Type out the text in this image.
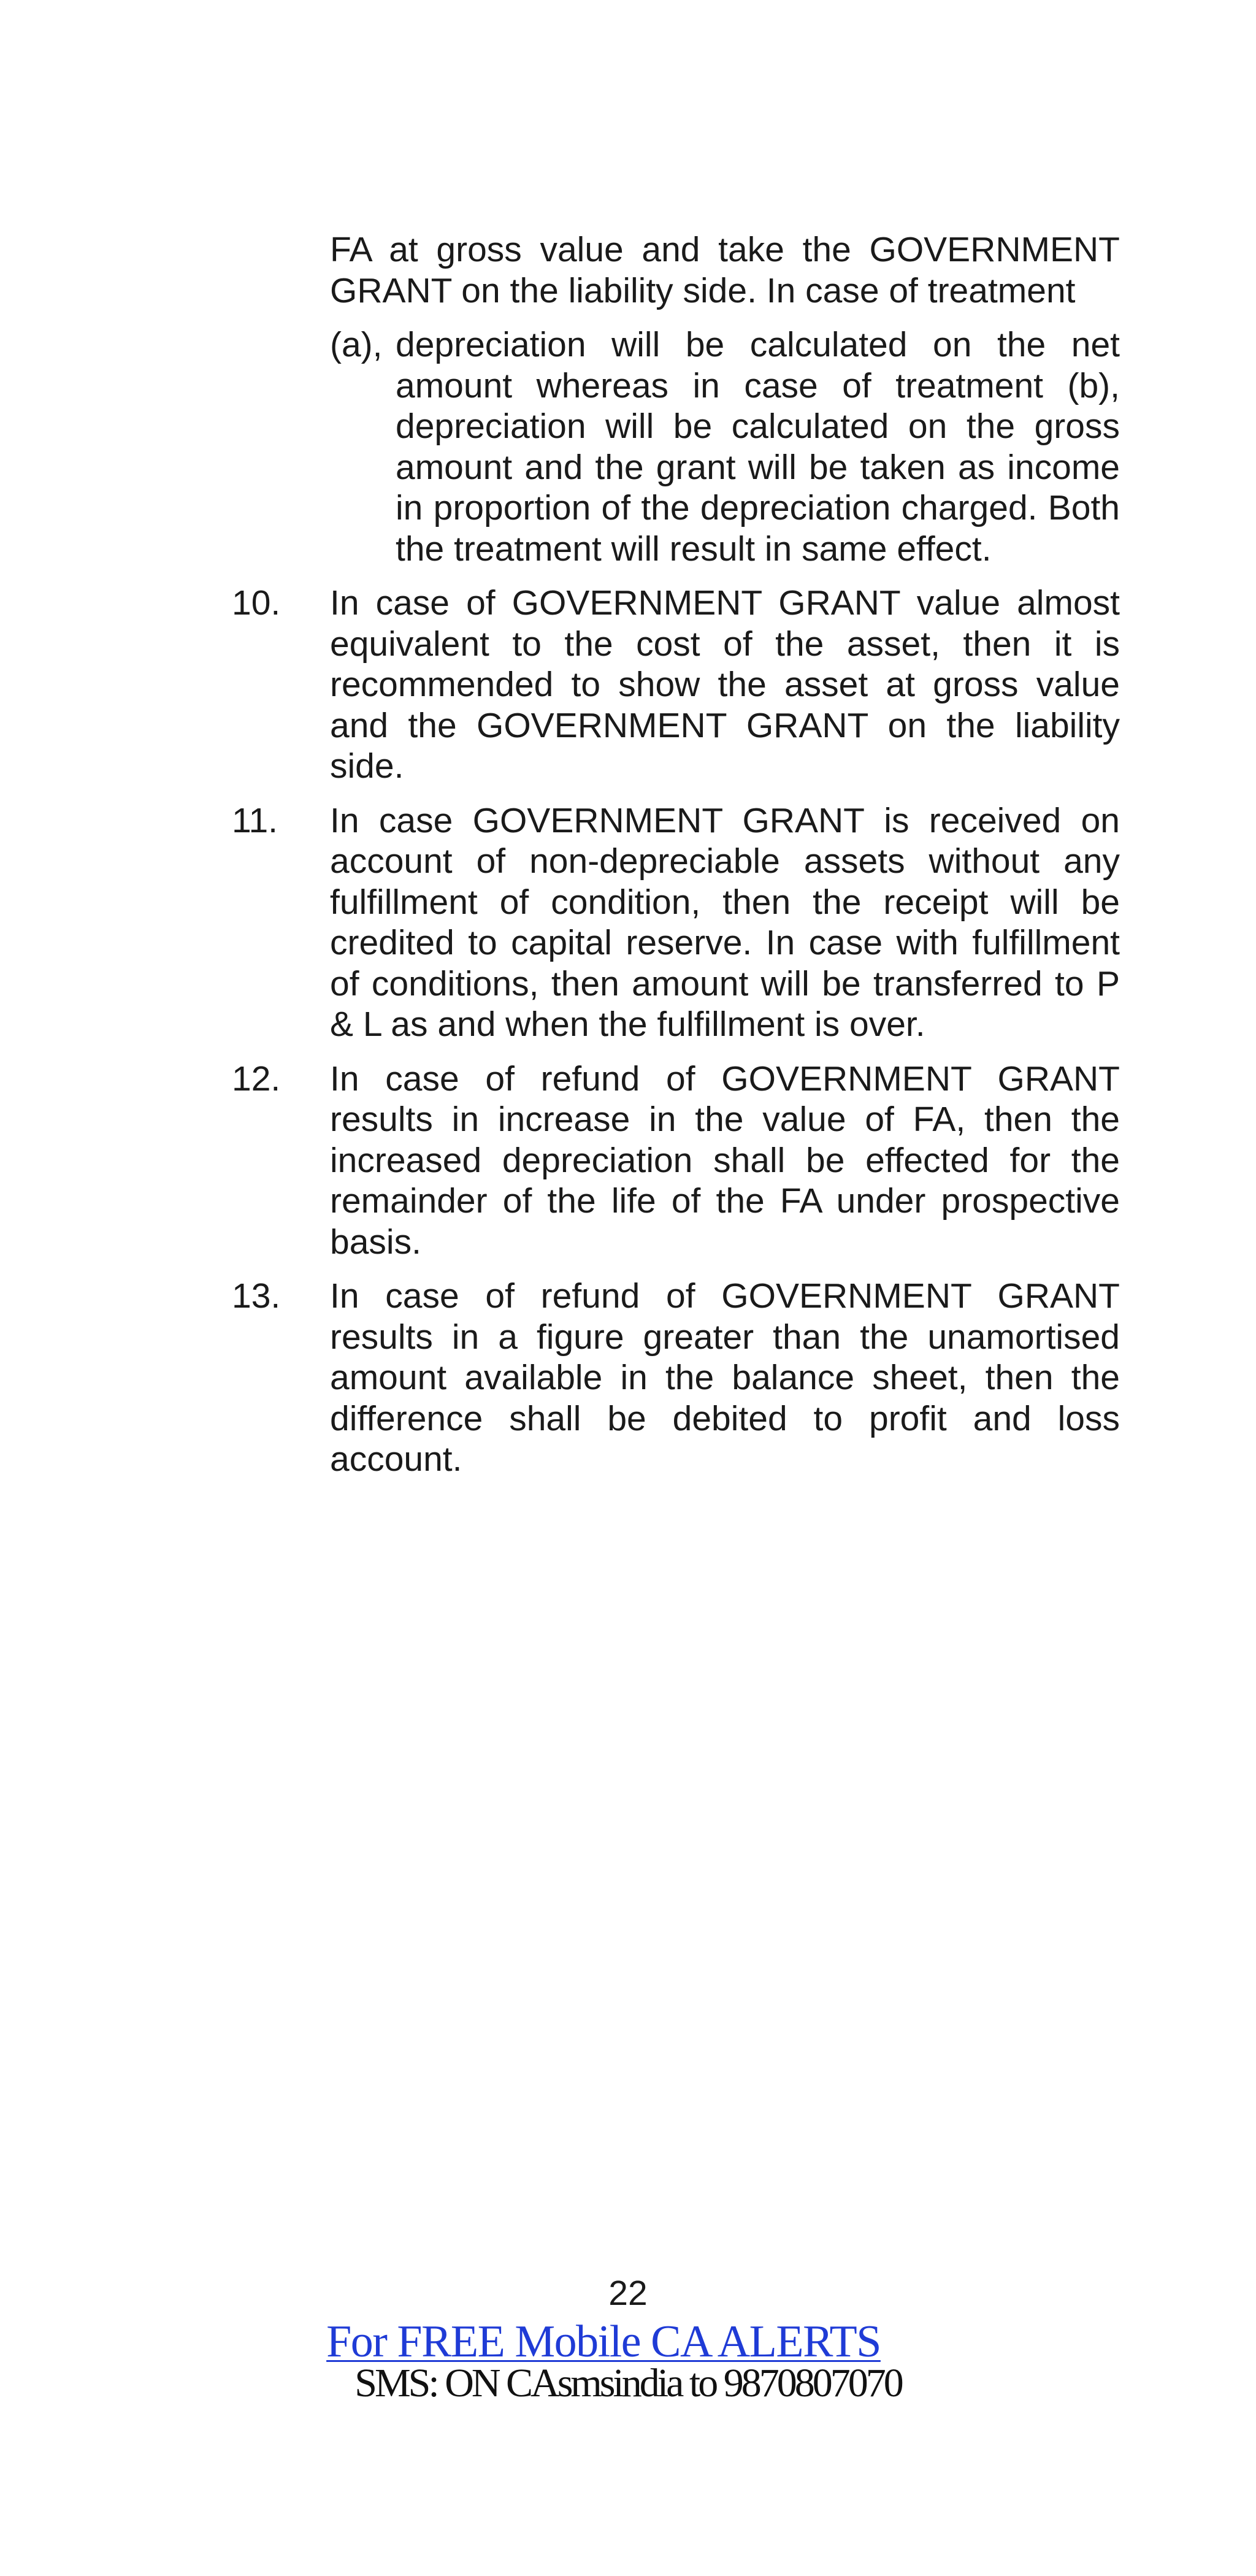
FA at gross value and take the GOVERNMENT GRANT on the liability side. In case of treatment

(a), depreciation will be calculated on the net amount whereas in case of treatment (b), depreciation will be calculated on the gross amount and the grant will be taken as income in proportion of the depreciation charged. Both the treatment will result in same effect.
10. In case of GOVERNMENT GRANT value almost equivalent to the cost of the asset, then it is recommended to show the asset at gross value and the GOVERNMENT GRANT on the liability side.
11. In case GOVERNMENT GRANT is received on account of non-depreciable assets without any fulfillment of condition, then the receipt will be credited to capital reserve. In case with fulfillment of conditions, then amount will be transferred to P & L as and when the fulfillment is over.
12. In case of refund of GOVERNMENT GRANT results in increase in the value of FA, then the increased depreciation shall be effected for the remainder of the life of the FA under prospective basis.
13. In case of refund of GOVERNMENT GRANT results in a figure greater than the unamortised amount available in the balance sheet, then the difference shall be debited to profit and loss account.
22
For FREE Mobile CA ALERTS
SMS: ON CAsmsindia to 9870807070
